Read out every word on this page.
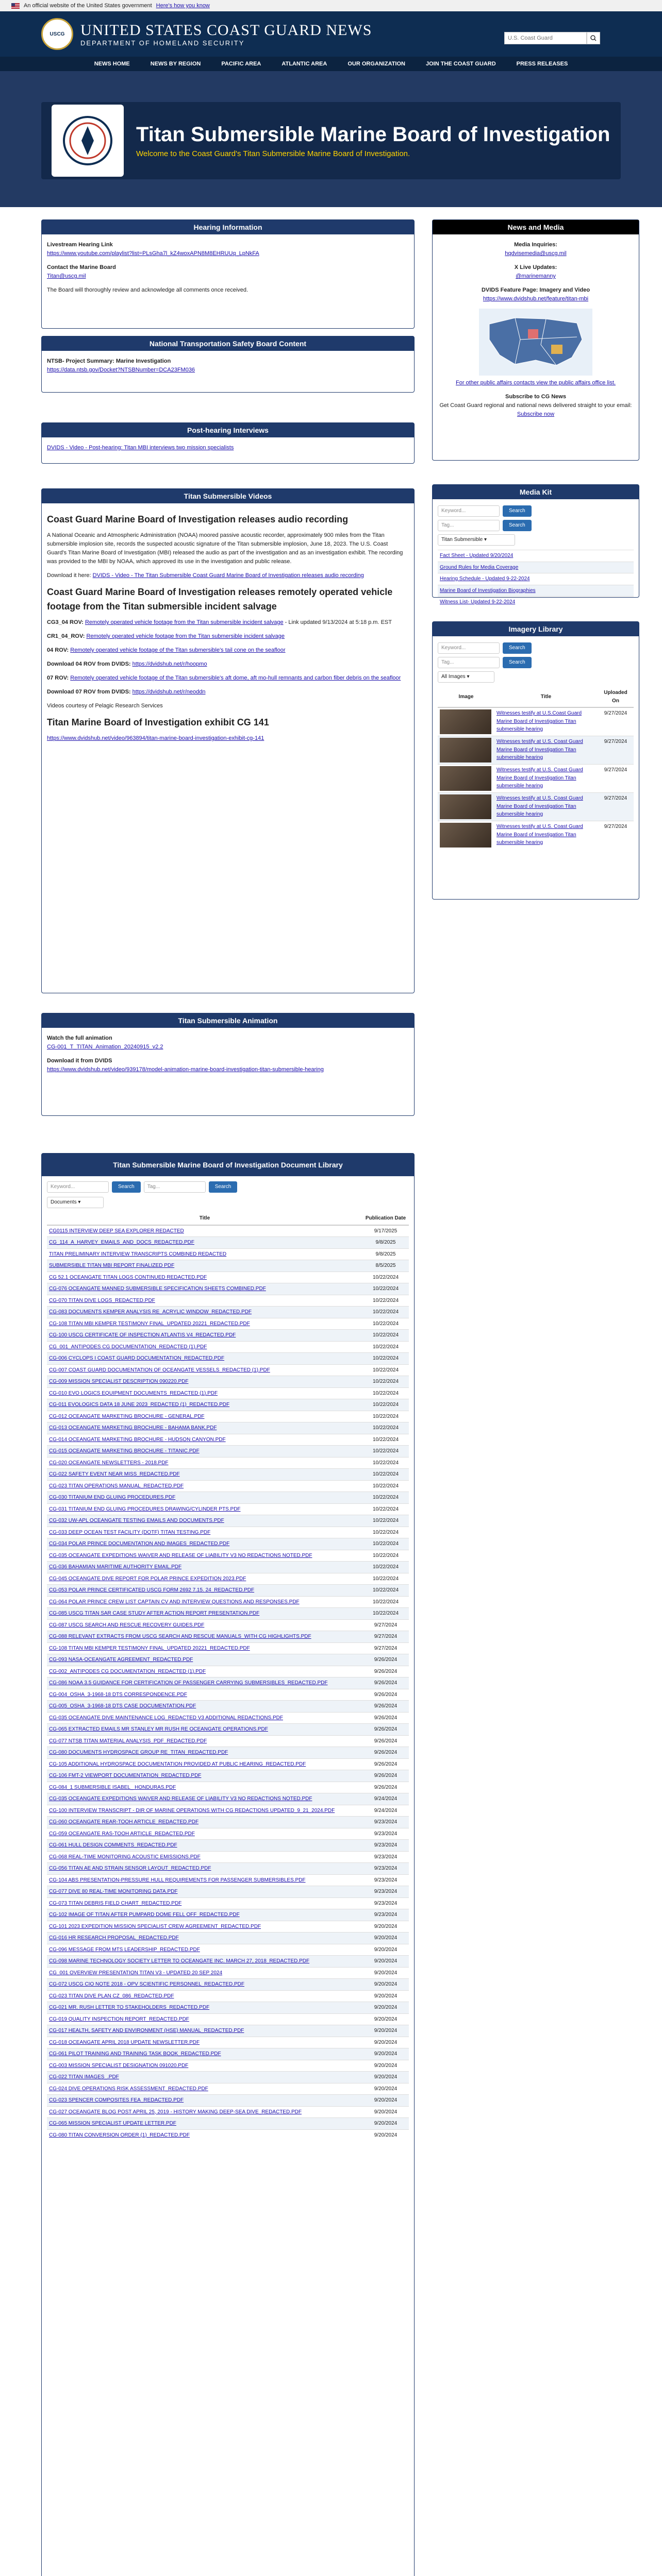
An official website of the United States government Here's how you know
USCG	UNITED STATES COAST GUARD NEWS
DEPARTMENT OF HOMELAND SECURITY
U.S. Coast Guard
NEWS HOME	NEWS BY REGION	PACIFIC AREA	ATLANTIC AREA	OUR ORGANIZATION	JOIN THE COAST GUARD	PRESS RELEASES
Titan Submersible Marine Board of Investigation
Welcome to the Coast Guard's Titan Submersible Marine Board of Investigation.
Hearing Information
Livestream Hearing Link

https://www.youtube.com/playlist?list=PLsGha7l_kZ4woxAPN8M8EHRUUq_LpNkFA

Contact the Marine Board

Titan@uscg.mil

The Board will thoroughly review and acknowledge all comments once received.

National Transportation Safety Board Content
NTSB- Project Summary: Marine Investigation

https://data.ntsb.gov/Docket?NTSBNumber=DCA23FM036

Post-hearing Interviews
DVIDS - Video - Post-hearing: Titan MBI interviews two mission specialists
Titan Submersible Videos
Coast Guard Marine Board of Investigation releases audio recording

A National Oceanic and Atmospheric Administration (NOAA) moored passive acoustic recorder, approximately 900 miles from the Titan submersible implosion site, records the suspected acoustic signature of the Titan submersible implosion, June 18, 2023. The U.S. Coast Guard's Titan Marine Board of Investigation (MBI) released the audio as part of the investigation and as an investigation exhibit. The recording was provided to the MBI by NOAA, which approved its use in the investigation and public release.

Download it here: DVIDS - Video - The Titan Submersible Coast Guard Marine Board of Investigation releases audio recording

Coast Guard Marine Board of Investigation releases remotely operated vehicle footage from the Titan submersible incident salvage

CG3_04 ROV: Remotely operated vehicle footage from the Titan submersible incident salvage - Link updated 9/13/2024 at 5:18 p.m. EST

CR1_04_ROV: Remotely operated vehicle footage from the Titan submersible incident salvage

04 ROV: Remotely operated vehicle footage of the Titan submersible's tail cone on the seafloor

Download 04 ROV from DVIDS: https://dvidshub.net/r/hoopmo

07 ROV: Remotely operated vehicle footage of the Titan submersible's aft dome, aft mo-hull remnants and carbon fiber debris on the seafloor

Download 07 ROV from DVIDS: https://dvidshub.net/r/neoddn

Videos courtesy of Pelagic Research Services

Titan Marine Board of Investigation exhibit CG 141

https://www.dvidshub.net/video/963894/titan-marine-board-investigation-exhibit-cg-141

Titan Submersible Animation
Watch the full animation

CG-001_T_TITAN_Animation_20240915_v2.2

Download it from DVIDS

https://www.dvidshub.net/video/939178/model-animation-marine-board-investigation-titan-submersible-hearing

Titan Submersible Marine Board of Investigation Document Library
Keyword...	Search	Tag...	Search
Documents ▾
Title	Publication Date
CG0115 INTERVIEW DEEP SEA EXPLORER REDACTED	9/17/2025
CG_114_A_HARVEY_EMAILS_AND_DOCS_REDACTED.PDF	9/8/2025
TITAN PRELIMINARY INTERVIEW TRANSCRIPTS COMBINED REDACTED	9/8/2025
SUBMERSIBLE TITAN MBI REPORT FINALIZED PDF	8/5/2025
CG 52.1 OCEANGATE TITAN LOGS CONTINUED REDACTED.PDF	10/22/2024
CG-076 OCEANGATE MANNED SUBMERSIBLE SPECIFICATION SHEETS COMBINED.PDF	10/22/2024
CG-070 TITAN DIVE LOGS_REDACTED.PDF	10/22/2024
CG-083 DOCUMENTS KEMPER ANALYSIS RE_ACRYLIC WINDOW_REDACTED.PDF	10/22/2024
CG-108 TITAN MBI KEMPER TESTIMONY FINAL_UPDATED 20221_REDACTED.PDF	10/22/2024
CG-100 USCG CERTIFICATE OF INSPECTION ATLANTIS V4_REDACTED.PDF	10/22/2024
CG_001_ANTIPODES CG DOCUMENTATION_REDACTED (1).PDF	10/22/2024
CG-006 CYCLOPS I COAST GUARD DOCUMENTATION_REDACTED.PDF	10/22/2024
CG-007 COAST GUARD DOCUMENTATION OF OCEANGATE VESSELS_REDACTED (1).PDF	10/22/2024
CG-009 MISSION SPECIALIST DESCRIPTION 090220.PDF	10/22/2024
CG-010 EVO LOGICS EQUIPMENT DOCUMENTS_REDACTED (1).PDF	10/22/2024
CG-011 EVOLOGICS DATA 18 JUNE 2023_REDACTED (1)_REDACTED.PDF	10/22/2024
CG-012 OCEANGATE MARKETING BROCHURE - GENERAL.PDF	10/22/2024
CG-013 OCEANGATE MARKETING BROCHURE - BAHAMA BANK.PDF	10/22/2024
CG-014 OCEANGATE MARKETING BROCHURE - HUDSON CANYON.PDF	10/22/2024
CG-015 OCEANGATE MARKETING BROCHURE - TITANIC.PDF	10/22/2024
CG-020 OCEANGATE NEWSLETTERS - 2018.PDF	10/22/2024
CG-022 SAFETY EVENT NEAR MISS_REDACTED.PDF	10/22/2024
CG-023 TITAN OPERATIONS MANUAL_REDACTED.PDF	10/22/2024
CG-030 TITANIUM END GLUING PROCEDURES.PDF	10/22/2024
CG-031 TITANIUM END GLUING PROCEDURES DRAWING/CYLINDER PTS.PDF	10/22/2024
CG-032 UW-APL OCEANGATE TESTING EMAILS AND DOCUMENTS.PDF	10/22/2024
CG-033 DEEP OCEAN TEST FACILITY (DOTF) TITAN TESTING.PDF	10/22/2024
CG-034 POLAR PRINCE DOCUMENTATION AND IMAGES_REDACTED.PDF	10/22/2024
CG-035 OCEANGATE EXPEDITIONS WAIVER AND RELEASE OF LIABILITY V3 NO REDACTIONS NOTED.PDF	10/22/2024
CG-036 BAHAMIAN MARITIME AUTHORITY EMAIL.PDF	10/22/2024
CG-045 OCEANGATE DIVE REPORT FOR POLAR PRINCE EXPEDITION 2023.PDF	10/22/2024
CG-053 POLAR PRINCE CERTIFICATED USCG FORM 2692 7.15. 24_REDACTED.PDF	10/22/2024
CG-064 POLAR PRINCE CREW LIST CAPTAIN CV AND INTERVIEW QUESTIONS AND RESPONSES.PDF	10/22/2024
CG-085 USCG TITAN SAR CASE STUDY AFTER ACTION REPORT PRESENTATION.PDF	10/22/2024
CG-087 USCG SEARCH AND RESCUE RECOVERY GUIDES.PDF	9/27/2024
CG-088 RELEVANT EXTRACTS FROM USCG SEARCH AND RESCUE MANUALS_WITH CG HIGHLIGHTS.PDF	9/27/2024
CG-108 TITAN MBI KEMPER TESTIMONY FINAL_UPDATED 20221_REDACTED.PDF	9/27/2024
CG-093 NASA-OCEANGATE AGREEMENT_REDACTED.PDF	9/26/2024
CG-002_ANTIPODES CG DOCUMENTATION_REDACTED (1).PDF	9/26/2024
CG-086 NOAA 3.5 GUIDANCE FOR CERTIFICATION OF PASSENGER CARRYING SUBMERSIBLES_REDACTED.PDF	9/26/2024
CG-004_OSHA_3-1968-18 DTS CORRESPONDENCE.PDF	9/26/2024
CG-005_OSHA_3-1968-18 DTS CASE DOCUMENTATION.PDF	9/26/2024
CG-035 OCEANGATE DIVE MAINTENANCE LOG_REDACTED V3 ADDITIONAL REDACTIONS.PDF	9/26/2024
CG-065 EXTRACTED EMAILS MR STANLEY MR RUSH RE OCEANGATE OPERATIONS.PDF	9/26/2024
CG-077 NTSB TITAN MATERIAL ANALYSIS_PDF_REDACTED.PDF	9/26/2024
CG-080 DOCUMENTS HYDROSPACE GROUP RE_TITAN_REDACTED.PDF	9/26/2024
CG-105 ADDITIONAL HYDROSPACE DOCUMENTATION PROVIDED AT PUBLIC HEARING_REDACTED.PDF	9/26/2024
CG-106 FMT-2 VIEWPORT DOCUMENTATION_REDACTED.PDF	9/26/2024
CG-084_1 SUBMERSIBLE ISABEL_ HONDURAS.PDF	9/26/2024
CG-035 OCEANGATE EXPEDITIONS WAIVER AND RELEASE OF LIABILITY V3 NO REDACTIONS NOTED.PDF	9/24/2024
CG-100 INTERVIEW TRANSCRIPT - DIR OF MARINE OPERATIONS WITH CG REDACTIONS UPDATED_9_21_2024.PDF	9/24/2024
CG-060 OCEANGATE REAR-TOOH ARTICLE_REDACTED.PDF	9/23/2024
CG-059 OCEANGATE RAS-TOOH ARTICLE_REDACTED.PDF	9/23/2024
CG-061 HULL DESIGN COMMENTS_REDACTED.PDF	9/23/2024
CG-068 REAL-TIME MONITORING ACOUSTIC EMISSIONS.PDF	9/23/2024
CG-056 TITAN AE AND STRAIN SENSOR LAYOUT_REDACTED.PDF	9/23/2024
CG-104 ABS PRESENTATION-PRESSURE HULL REQUIREMENTS FOR PASSENGER SUBMERSIBLES.PDF	9/23/2024
CG-077 DIVE 80 REAL-TIME MONITORING DATA.PDF	9/23/2024
CG-073 TITAN DEBRIS FIELD CHART_REDACTED.PDF	9/23/2024
CG-102 IMAGE OF TITAN AFTER PUMPARD DOME FELL OFF_REDACTED.PDF	9/23/2024
CG-101 2023 EXPEDITION MISSION SPECIALIST CREW AGREEMENT_REDACTED.PDF	9/20/2024
CG-016 HR RESEARCH PROPOSAL_REDACTED.PDF	9/20/2024
CG-096 MESSAGE FROM MTS LEADERSHIP_REDACTED.PDF	9/20/2024
CG-098 MARINE TECHNOLOGY SOCIETY LETTER TO OCEANGATE INC. MARCH 27, 2018_REDACTED.PDF	9/20/2024
CG_001 OVERVIEW PRESENTATION TITAN V3 - UPDATED 20 SEP 2024	9/20/2024
CG-072 USCG CIO NOTE 2018 - OPV SCIENTIFIC PERSONNEL_REDACTED.PDF	9/20/2024
CG-023 TITAN DIVE PLAN CZ_086_REDACTED.PDF	9/20/2024
CG-021 MR. RUSH LETTER TO STAKEHOLDERS_REDACTED.PDF	9/20/2024
CG-019 QUALITY INSPECTION REPORT_REDACTED.PDF	9/20/2024
CG-017 HEALTH, SAFETY AND ENVIRONMENT (HSE) MANUAL_REDACTED.PDF	9/20/2024
CG-018 OCEANGATE APRIL 2018 UPDATE NEWSLETTER.PDF	9/20/2024
CG-061 PILOT TRAINING AND TRAINING TASK BOOK_REDACTED.PDF	9/20/2024
CG-003 MISSION SPECIALIST DESIGNATION 091020.PDF	9/20/2024
CG-022 TITAN IMAGES_.PDF	9/20/2024
CG-024 DIVE OPERATIONS RISK ASSESSMENT_REDACTED.PDF	9/20/2024
CG-023 SPENCER COMPOSITES FEA_REDACTED.PDF	9/20/2024
CG-027 OCEANGATE BLOG POST APRIL 25, 2019 - HISTORY MAKING DEEP-SEA DIVE_REDACTED.PDF	9/20/2024
CG-065 MISSION SPECIALIST UPDATE LETTER.PDF	9/20/2024
CG-080 TITAN CONVERSION ORDER (1)_REDACTED.PDF	9/20/2024

News and Media
Media Inquiries:

hqdvisemedia@uscg.mil

X Live Updates:

@marinemanny

DVIDS Feature Page: Imagery and Video

https://www.dvidshub.net/feature/titan-mbi

For other public affairs contacts view the public affairs office list.

Subscribe to CG News

Get Coast Guard regional and national news delivered straight to your email: Subscribe now

Media Kit
Keyword...	Search
Tag...	Search
Titan Submersible ▾
Fact Sheet - Updated 9/20/2024
Ground Rules for Media Coverage
Hearing Schedule - Updated 9-22-2024
Marine Board of Investigation Biographies
Witness List- Updated 9-22-2024
Imagery Library
Keyword...	Search
Tag...	Search
All Images ▾
Image	Title	Uploaded On

	Witnesses testify at U.S.Coast Guard Marine Board of Investigation Titan submersible hearing	9/27/2024

	Witnesses testify at U.S. Coast Guard Marine Board of Investigation Titan submersible hearing	9/27/2024

	Witnesses testify at U.S. Coast Guard Marine Board of Investigation Titan submersible hearing	9/27/2024

	Witnesses testify at U.S. Coast Guard Marine Board of Investigation Titan submersible hearing	9/27/2024

	Witnesses testify at U.S. Coast Guard Marine Board of Investigation Titan submersible hearing	9/27/2024
